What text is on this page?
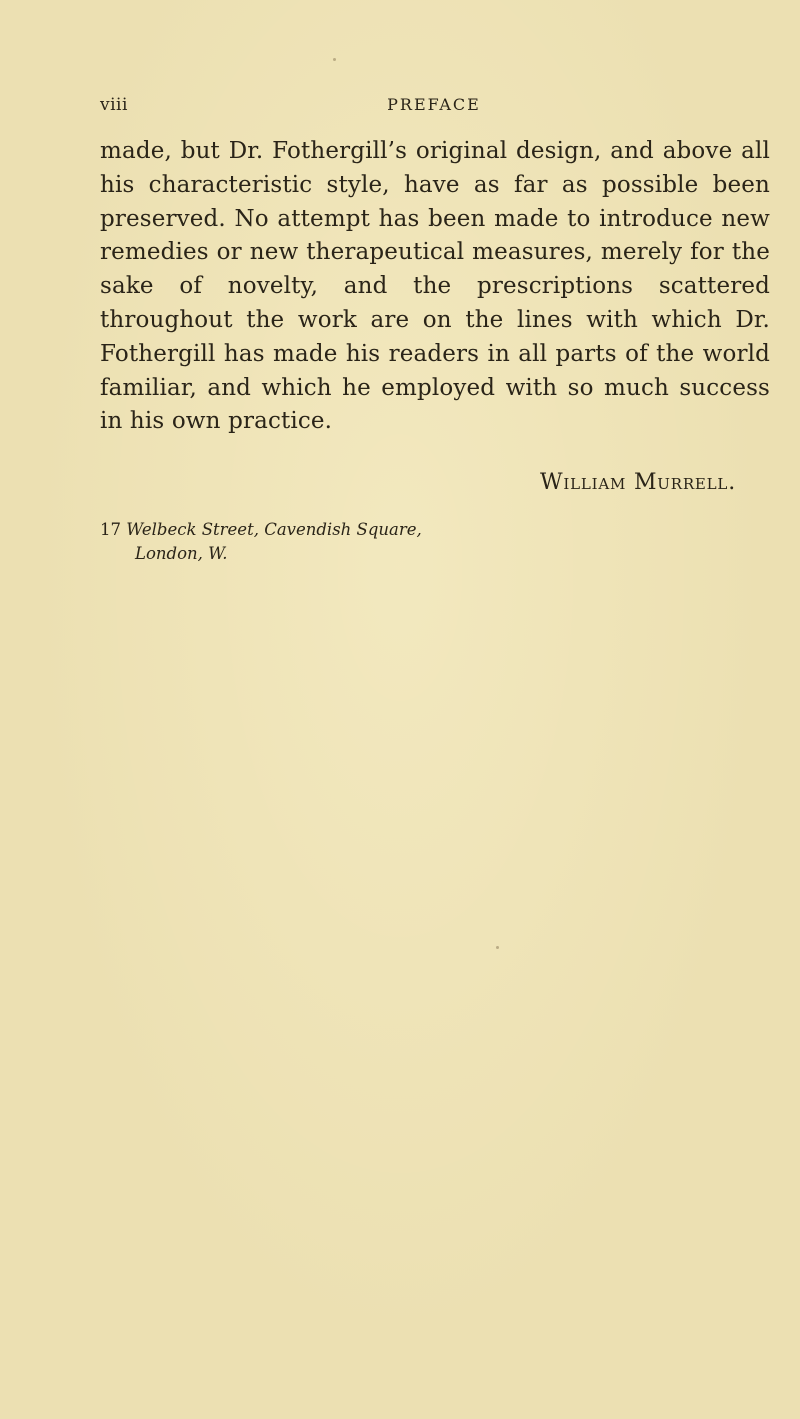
viii	PREFACE

made, but Dr. Fothergill’s original design, and above all his characteristic style, have as far as possible been preserved. No attempt has been made to introduce new remedies or new therapeutical measures, merely for the sake of novelty, and the prescriptions scattered throughout the work are on the lines with which Dr. Fothergill has made his readers in all parts of the world familiar, and which he employed with so much success in his own practice.

William Murrell.
17 Welbeck Street, Cavendish Square,
London, W.
